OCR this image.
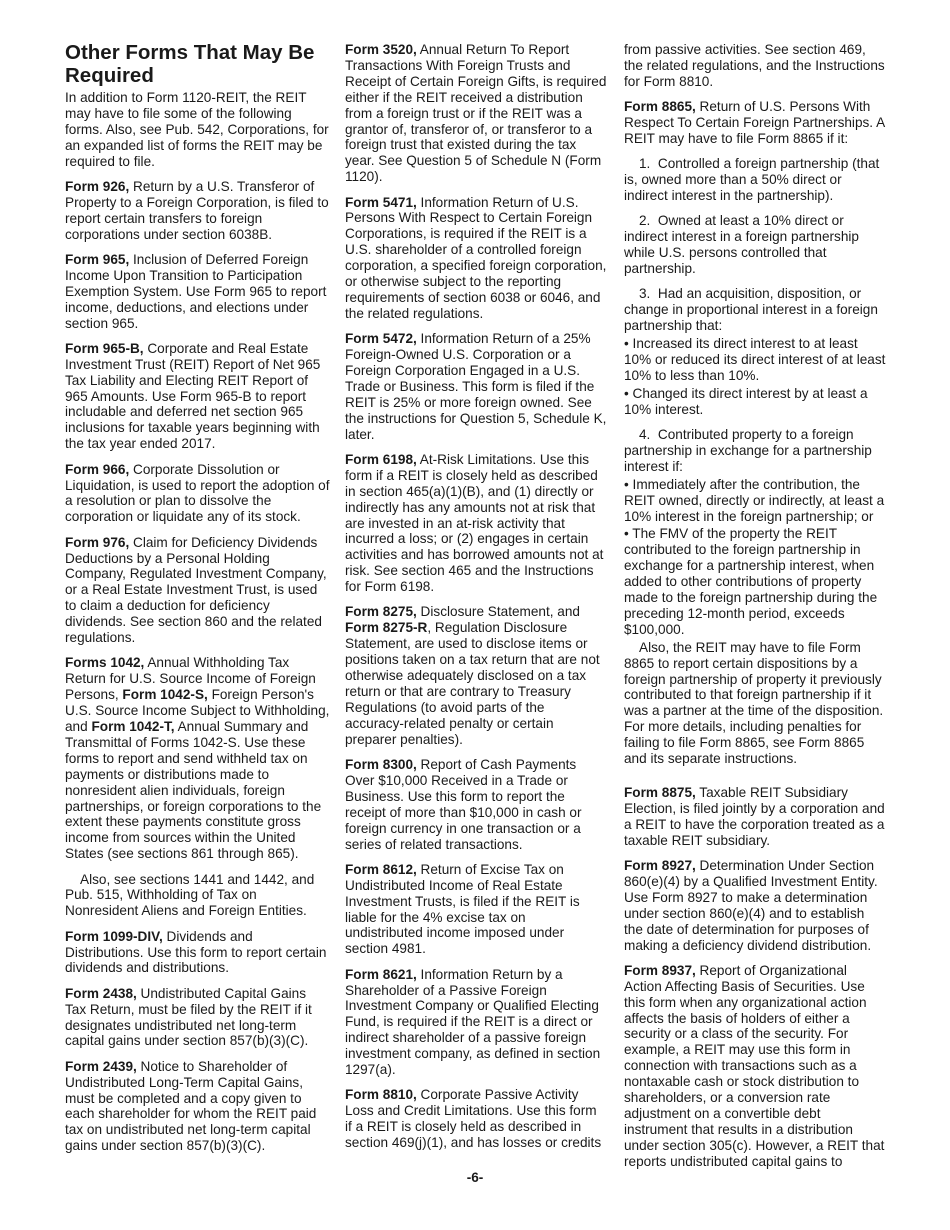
Other Forms That May Be Required

In addition to Form 1120-REIT, the REIT may have to file some of the following forms. Also, see Pub. 542, Corporations, for an expanded list of forms the REIT may be required to file.

Form 926, Return by a U.S. Transferor of Property to a Foreign Corporation, is filed to report certain transfers to foreign corporations under section 6038B.

Form 965, Inclusion of Deferred Foreign Income Upon Transition to Participation Exemption System. Use Form 965 to report income, deductions, and elections under section 965.

Form 965-B, Corporate and Real Estate Investment Trust (REIT) Report of Net 965 Tax Liability and Electing REIT Report of 965 Amounts. Use Form 965-B to report includable and deferred net section 965 inclusions for taxable years beginning with the tax year ended 2017.

Form 966, Corporate Dissolution or Liquidation, is used to report the adoption of a resolution or plan to dissolve the corporation or liquidate any of its stock.

Form 976, Claim for Deficiency Dividends Deductions by a Personal Holding Company, Regulated Investment Company, or a Real Estate Investment Trust, is used to claim a deduction for deficiency dividends. See section 860 and the related regulations.

Forms 1042, Annual Withholding Tax Return for U.S. Source Income of Foreign Persons, Form 1042-S, Foreign Person's U.S. Source Income Subject to Withholding, and Form 1042-T, Annual Summary and Transmittal of Forms 1042-S. Use these forms to report and send withheld tax on payments or distributions made to nonresident alien individuals, foreign partnerships, or foreign corporations to the extent these payments constitute gross income from sources within the United States (see sections 861 through 865).

Also, see sections 1441 and 1442, and Pub. 515, Withholding of Tax on Nonresident Aliens and Foreign Entities.

Form 1099-DIV, Dividends and Distributions. Use this form to report certain dividends and distributions.

Form 2438, Undistributed Capital Gains Tax Return, must be filed by the REIT if it designates undistributed net long-term capital gains under section 857(b)(3)(C).

Form 2439, Notice to Shareholder of Undistributed Long-Term Capital Gains, must be completed and a copy given to each shareholder for whom the REIT paid tax on undistributed net long-term capital gains under section 857(b)(3)(C).

Form 3520, Annual Return To Report Transactions With Foreign Trusts and Receipt of Certain Foreign Gifts, is required either if the REIT received a distribution from a foreign trust or if the REIT was a grantor of, transferor of, or transferor to a foreign trust that existed during the tax year. See Question 5 of Schedule N (Form 1120).

Form 5471, Information Return of U.S. Persons With Respect to Certain Foreign Corporations, is required if the REIT is a U.S. shareholder of a controlled foreign corporation, a specified foreign corporation, or otherwise subject to the reporting requirements of section 6038 or 6046, and the related regulations.

Form 5472, Information Return of a 25% Foreign-Owned U.S. Corporation or a Foreign Corporation Engaged in a U.S. Trade or Business. This form is filed if the REIT is 25% or more foreign owned. See the instructions for Question 5, Schedule K, later.

Form 6198, At-Risk Limitations. Use this form if a REIT is closely held as described in section 465(a)(1)(B), and (1) directly or indirectly has any amounts not at risk that are invested in an at-risk activity that incurred a loss; or (2) engages in certain activities and has borrowed amounts not at risk. See section 465 and the Instructions for Form 6198.

Form 8275, Disclosure Statement, and Form 8275-R, Regulation Disclosure Statement, are used to disclose items or positions taken on a tax return that are not otherwise adequately disclosed on a tax return or that are contrary to Treasury Regulations (to avoid parts of the accuracy-related penalty or certain preparer penalties).

Form 8300, Report of Cash Payments Over $10,000 Received in a Trade or Business. Use this form to report the receipt of more than $10,000 in cash or foreign currency in one transaction or a series of related transactions.

Form 8612, Return of Excise Tax on Undistributed Income of Real Estate Investment Trusts, is filed if the REIT is liable for the 4% excise tax on undistributed income imposed under section 4981.

Form 8621, Information Return by a Shareholder of a Passive Foreign Investment Company or Qualified Electing Fund, is required if the REIT is a direct or indirect shareholder of a passive foreign investment company, as defined in section 1297(a).

Form 8810, Corporate Passive Activity Loss and Credit Limitations. Use this form if a REIT is closely held as described in section 469(j)(1), and has losses or credits

from passive activities. See section 469, the related regulations, and the Instructions for Form 8810.

Form 8865, Return of U.S. Persons With Respect To Certain Foreign Partnerships. A REIT may have to file Form 8865 if it:

1.  Controlled a foreign partnership (that is, owned more than a 50% direct or indirect interest in the partnership).

2.  Owned at least a 10% direct or indirect interest in a foreign partnership while U.S. persons controlled that partnership.

3.  Had an acquisition, disposition, or change in proportional interest in a foreign partnership that:

• Increased its direct interest to at least 10% or reduced its direct interest of at least 10% to less than 10%.

• Changed its direct interest by at least a 10% interest.

4.  Contributed property to a foreign partnership in exchange for a partnership interest if:

• Immediately after the contribution, the REIT owned, directly or indirectly, at least a 10% interest in the foreign partnership; or

• The FMV of the property the REIT contributed to the foreign partnership in exchange for a partnership interest, when added to other contributions of property made to the foreign partnership during the preceding 12-month period, exceeds $100,000.

Also, the REIT may have to file Form 8865 to report certain dispositions by a foreign partnership of property it previously contributed to that foreign partnership if it was a partner at the time of the disposition. For more details, including penalties for failing to file Form 8865, see Form 8865 and its separate instructions.

Form 8875, Taxable REIT Subsidiary Election, is filed jointly by a corporation and a REIT to have the corporation treated as a taxable REIT subsidiary.

Form 8927, Determination Under Section 860(e)(4) by a Qualified Investment Entity. Use Form 8927 to make a determination under section 860(e)(4) and to establish the date of determination for purposes of making a deficiency dividend distribution.

Form 8937, Report of Organizational Action Affecting Basis of Securities. Use this form when any organizational action affects the basis of holders of either a security or a class of the security. For example, a REIT may use this form in connection with transactions such as a nontaxable cash or stock distribution to shareholders, or a conversion rate adjustment on a convertible debt instrument that results in a distribution under section 305(c). However, a REIT that reports undistributed capital gains to

-6-
